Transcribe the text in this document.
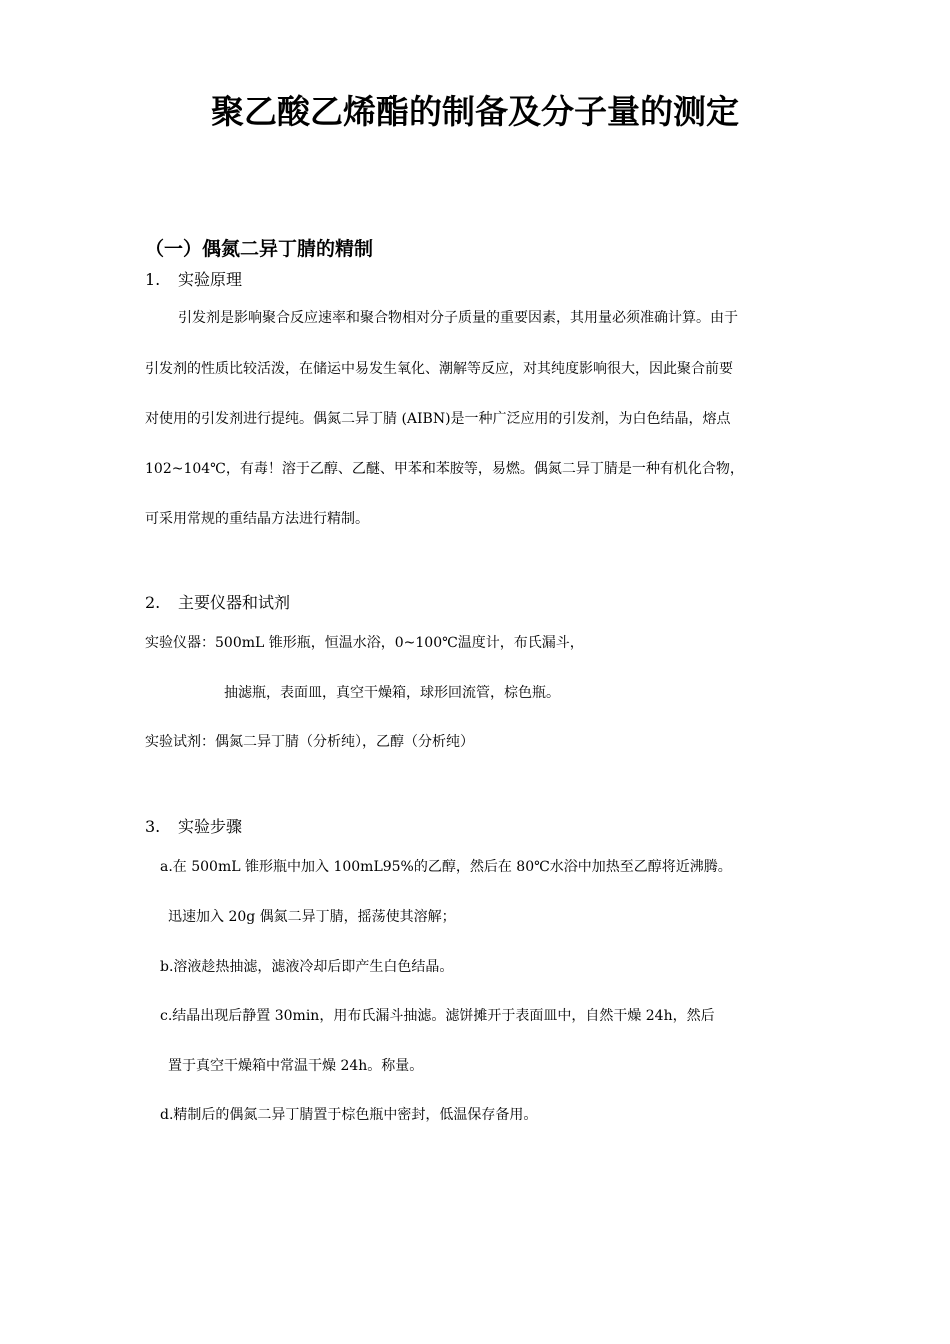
聚乙酸乙烯酯的制备及分子量的测定
（一）偶氮二异丁腈的精制
1. 实验原理

引发剂是影响聚合反应速率和聚合物相对分子质量的重要因素，其用量必须准确计算。由于

引发剂的性质比较活泼，在储运中易发生氧化、潮解等反应，对其纯度影响很大，因此聚合前要

对使用的引发剂进行提纯。偶氮二异丁腈 (AIBN)是一种广泛应用的引发剂，为白色结晶，熔点

102~104℃，有毒！溶于乙醇、乙醚、甲苯和苯胺等，易燃。偶氮二异丁腈是一种有机化合物，

可采用常规的重结晶方法进行精制。

2. 主要仪器和试剂

实验仪器：500mL 锥形瓶，恒温水浴，0~100℃温度计，布氏漏斗，

抽滤瓶，表面皿，真空干燥箱，球形回流管，棕色瓶。

实验试剂：偶氮二异丁腈（分析纯），乙醇（分析纯）

3. 实验步骤

a.在 500mL 锥形瓶中加入 100mL95%的乙醇，然后在 80℃水浴中加热至乙醇将近沸腾。

迅速加入 20g 偶氮二异丁腈，摇荡使其溶解；

b.溶液趁热抽滤，滤液冷却后即产生白色结晶。

c.结晶出现后静置 30min，用布氏漏斗抽滤。滤饼摊开于表面皿中，自然干燥 24h，然后

置于真空干燥箱中常温干燥 24h。称量。

d.精制后的偶氮二异丁腈置于棕色瓶中密封，低温保存备用。
